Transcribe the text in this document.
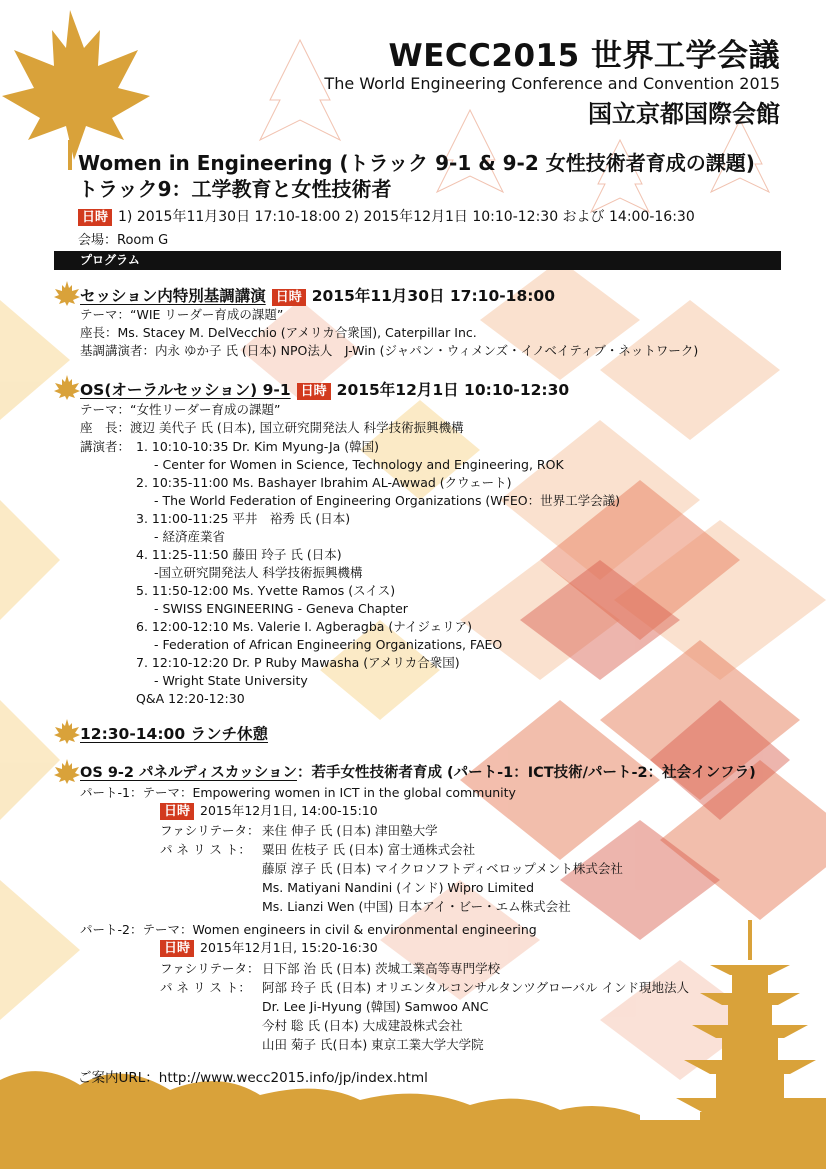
WECC2015 世界工学会議
The World Engineering Conference and Convention 2015
国立京都国際会館
Women in Engineering (トラック 9-1 & 9-2 女性技術者育成の課題)
トラック9：工学教育と女性技術者
日時 1) 2015年11月30日 17:10-18:00 2) 2015年12月1日 10:10-12:30 および 14:00-16:30
会場：Room G
プログラム
セッション内特別基調講演 日時 2015年11月30日 17:10-18:00
テーマ：“WIE リーダー育成の課題”
座長：Ms. Stacey M. DelVecchio (アメリカ合衆国), Caterpillar Inc.
基調講演者：内永 ゆか子 氏 (日本) NPO法人　J-Win (ジャパン・ウィメンズ・イノベイティブ・ネットワーク)
OS(オーラルセッション) 9-1 日時 2015年12月1日 10:10-12:30
テーマ：“女性リーダー育成の課題”
座　長：渡辺 美代子 氏 (日本), 国立研究開発法人 科学技術振興機構
講演者： 1. 10:10-10:35 Dr. Kim Myung-Ja (韓国)
- Center for Women in Science, Technology and Engineering, ROK
2. 10:35-11:00 Ms. Bashayer Ibrahim AL-Awwad (クウェート)
- The World Federation of Engineering Organizations (WFEO：世界工学会議)
3. 11:00-11:25 平井　裕秀 氏 (日本)
- 経済産業省
4. 11:25-11:50 藤田 玲子 氏 (日本)
-国立研究開発法人 科学技術振興機構
5. 11:50-12:00 Ms. Yvette Ramos (スイス)
- SWISS ENGINEERING - Geneva Chapter
6. 12:00-12:10 Ms. Valerie I. Agberagba (ナイジェリア)
- Federation of African Engineering Organizations, FAEO
7. 12:10-12:20 Dr. P Ruby Mawasha (アメリカ合衆国)
- Wright State University
Q&A 12:20-12:30
12:30-14:00 ランチ休憩
OS 9-2 パネルディスカッション：若手女性技術者育成 (パート-1：ICT技術/パート-2：社会インフラ)
パート-1：テーマ：Empowering women in ICT in the global community
日時 2015年12月1日, 14:00-15:10
ファシリテータ： 来住 伸子 氏 (日本) 津田塾大学
パ ネ リ ス ト： 粟田 佐枝子 氏 (日本) 富士通株式会社
藤原 淳子 氏 (日本) マイクロソフトディベロップメント株式会社
Ms. Matiyani Nandini (インド) Wipro Limited
Ms. Lianzi Wen (中国) 日本アイ・ビー・エム株式会社
パート-2：テーマ：Women engineers in civil & environmental engineering
日時 2015年12月1日, 15:20-16:30
ファシリテータ： 日下部 治 氏 (日本) 茨城工業高等専門学校
パ ネ リ ス ト： 阿部 玲子 氏 (日本) オリエンタルコンサルタンツグローバル インド現地法人
Dr. Lee Ji-Hyung (韓国) Samwoo ANC
今村 聡 氏 (日本) 大成建設株式会社
山田 菊子 氏(日本) 東京工業大学大学院
ご案内URL：http://www.wecc2015.info/jp/index.html
